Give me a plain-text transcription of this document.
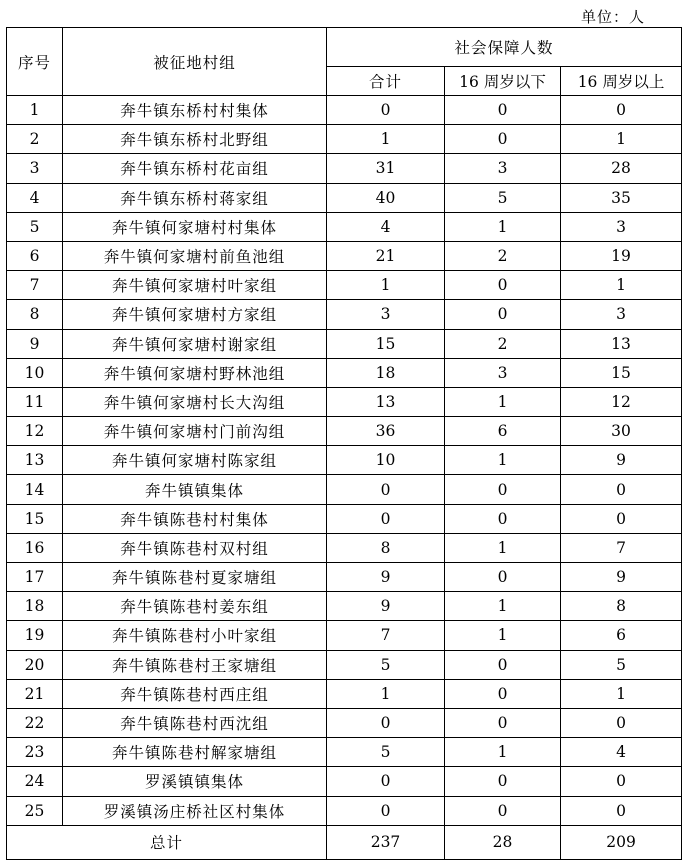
单位：人
序号	被征地村组	社会保障人数		
		合计	16 周岁以下	16 周岁以上
1	奔牛镇东桥村村集体	0	0	0
2	奔牛镇东桥村北野组	1	0	1
3	奔牛镇东桥村花亩组	31	3	28
4	奔牛镇东桥村蒋家组	40	5	35
5	奔牛镇何家塘村村集体	4	1	3
6	奔牛镇何家塘村前鱼池组	21	2	19
7	奔牛镇何家塘村叶家组	1	0	1
8	奔牛镇何家塘村方家组	3	0	3
9	奔牛镇何家塘村谢家组	15	2	13
10	奔牛镇何家塘村野林池组	18	3	15
11	奔牛镇何家塘村长大沟组	13	1	12
12	奔牛镇何家塘村门前沟组	36	6	30
13	奔牛镇何家塘村陈家组	10	1	9
14	奔牛镇镇集体	0	0	0
15	奔牛镇陈巷村村集体	0	0	0
16	奔牛镇陈巷村双村组	8	1	7
17	奔牛镇陈巷村夏家塘组	9	0	9
18	奔牛镇陈巷村姜东组	9	1	8
19	奔牛镇陈巷村小叶家组	7	1	6
20	奔牛镇陈巷村王家塘组	5	0	5
21	奔牛镇陈巷村西庄组	1	0	1
22	奔牛镇陈巷村西沈组	0	0	0
23	奔牛镇陈巷村解家塘组	5	1	4
24	罗溪镇镇集体	0	0	0
25	罗溪镇汤庄桥社区村集体	0	0	0
总计		237	28	209
